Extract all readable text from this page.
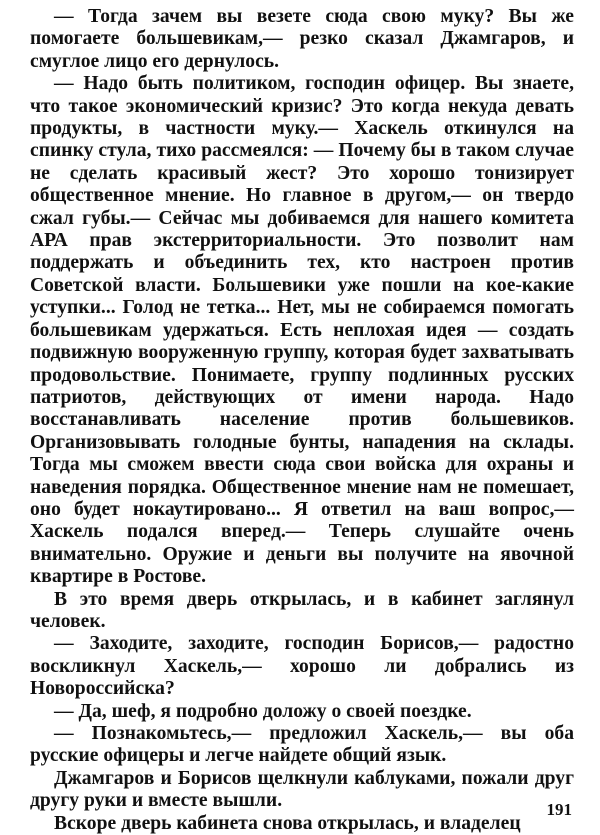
— Тогда зачем вы везете сюда свою муку? Вы же помогаете большевикам,— резко сказал Джамгаров, и смуглое лицо его дернулось.

— Надо быть политиком, господин офицер. Вы знаете, что такое экономический кризис? Это когда некуда девать продукты, в частности муку.— Хаскель откинулся на спинку стула, тихо рассмеялся: — Почему бы в таком случае не сделать красивый жест? Это хорошо тонизирует общественное мнение. Но главное в другом,— он твердо сжал губы.— Сейчас мы добиваемся для нашего комитета АРА прав экстерриториальности. Это позволит нам поддержать и объединить тех, кто настроен против Советской власти. Большевики уже пошли на кое-какие уступки... Голод не тетка... Нет, мы не собираемся помогать большевикам удержаться. Есть неплохая идея — создать подвижную вооруженную группу, которая будет захватывать продовольствие. Понимаете, группу подлинных русских патриотов, действующих от имени народа. Надо восстанавливать население против большевиков. Организовывать голодные бунты, нападения на склады. Тогда мы сможем ввести сюда свои войска для охраны и наведения порядка. Общественное мнение нам не помешает, оно будет нокаутировано... Я ответил на ваш вопрос,— Хаскель подался вперед.— Теперь слушайте очень внимательно. Оружие и деньги вы получите на явочной квартире в Ростове.

В это время дверь открылась, и в кабинет заглянул человек.

— Заходите, заходите, господин Борисов,— радостно воскликнул Хаскель,— хорошо ли добрались из Новороссийска?

— Да, шеф, я подробно доложу о своей поездке.

— Познакомьтесь,— предложил Хаскель,— вы оба русские офицеры и легче найдете общий язык.

Джамгаров и Борисов щелкнули каблуками, пожали друг другу руки и вместе вышли.

Вскоре дверь кабинета снова открылась, и владелец

191
